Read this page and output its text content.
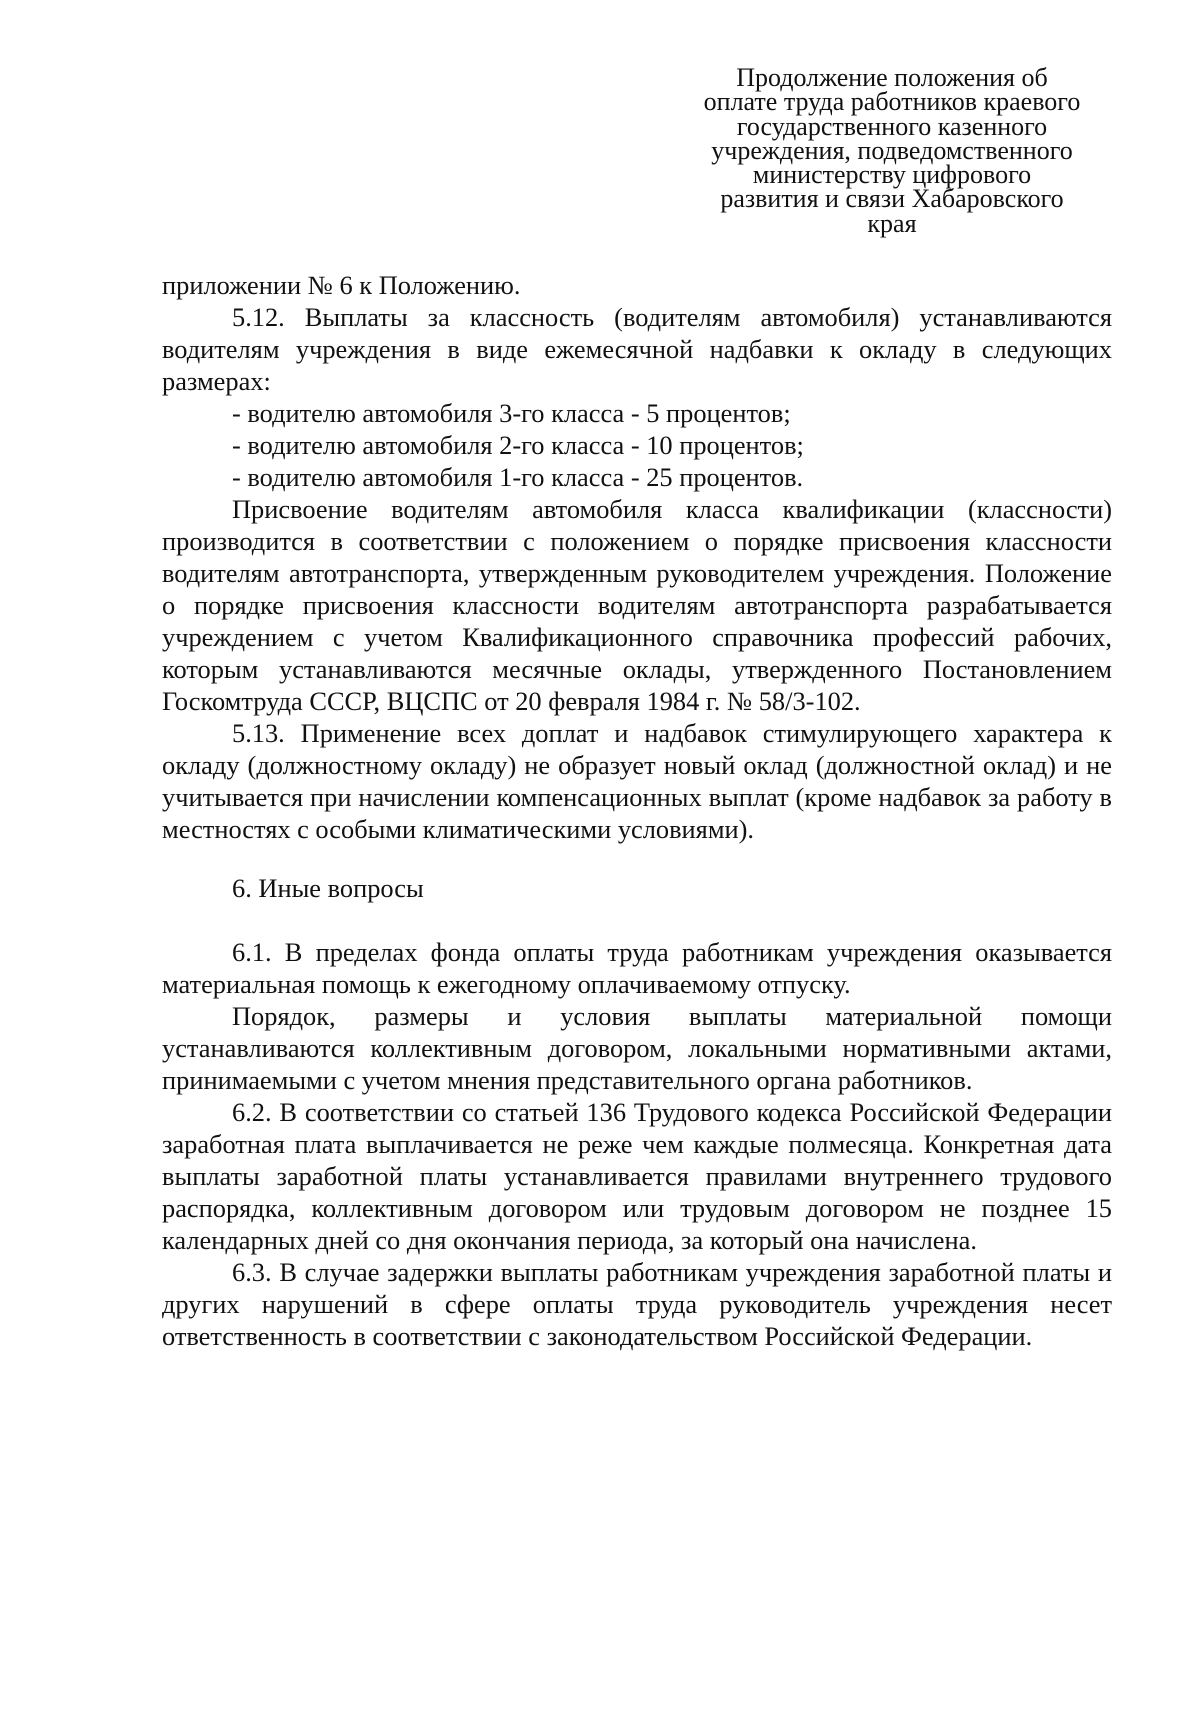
Продолжение положения об
оплате труда работников краевого
государственного казенного
учреждения, подведомственного
министерству цифрового
развития и связи Хабаровского
края

приложении № 6 к Положению.

5.12. Выплаты за классность (водителям автомобиля) устанавливаются водителям учреждения в виде ежемесячной надбавки к окладу в следующих размерах:

- водителю автомобиля 3-го класса - 5 процентов;

- водителю автомобиля 2-го класса - 10 процентов;

- водителю автомобиля 1-го класса - 25 процентов.

Присвоение водителям автомобиля класса квалификации (классности) производится в соответствии с положением о порядке присвоения классности водителям автотранспорта, утвержденным руководителем учреждения. Положение о порядке присвоения классности водителям автотранспорта разрабатывается учреждением с учетом Квалификационного справочника профессий рабочих, которым устанавливаются месячные оклады, утвержденного Постановлением Госкомтруда СССР, ВЦСПС от 20 февраля 1984 г. № 58/3-102.

5.13. Применение всех доплат и надбавок стимулирующего характера к окладу (должностному окладу) не образует новый оклад (должностной оклад) и не учитывается при начислении компенсационных выплат (кроме надбавок за работу в местностях с особыми климатическими условиями).

6. Иные вопросы

6.1. В пределах фонда оплаты труда работникам учреждения оказывается материальная помощь к ежегодному оплачиваемому отпуску.

Порядок, размеры и условия выплаты материальной помощи устанавливаются коллективным договором, локальными нормативными актами, принимаемыми с учетом мнения представительного органа работников.

6.2. В соответствии со статьей 136 Трудового кодекса Российской Федерации заработная плата выплачивается не реже чем каждые полмесяца. Конкретная дата выплаты заработной платы устанавливается правилами внутреннего трудового распорядка, коллективным договором или трудовым договором не позднее 15 календарных дней со дня окончания периода, за который она начислена.

6.3. В случае задержки выплаты работникам учреждения заработной платы и других нарушений в сфере оплаты труда руководитель учреждения несет ответственность в соответствии с законодательством Российской Федерации.
